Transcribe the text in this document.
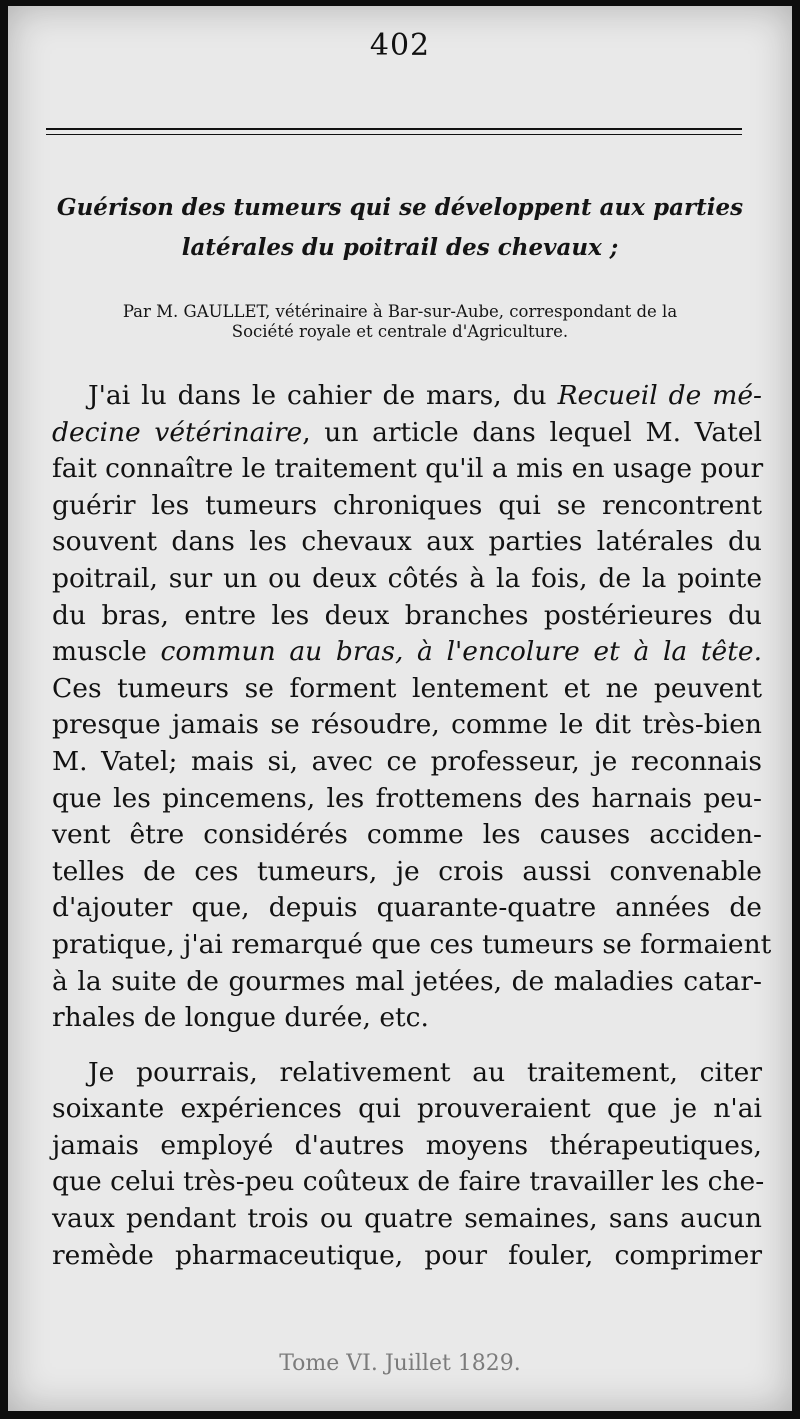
402
Guérison des tumeurs qui se développent aux parties
latérales du poitrail des chevaux ;
Par M. GAULLET, vétérinaire à Bar-sur-Aube, correspondant de la
Société royale et centrale d'Agriculture.

J'ai lu dans le cahier de mars, du Recueil de mé-
decine vétérinaire, un article dans lequel M. Vatel
fait connaître le traitement qu'il a mis en usage pour
guérir les tumeurs chroniques qui se rencontrent
souvent dans les chevaux aux parties latérales du
poitrail, sur un ou deux côtés à la fois, de la pointe
du bras, entre les deux branches postérieures du
muscle commun au bras, à l'encolure et à la tête.
Ces tumeurs se forment lentement et ne peuvent
presque jamais se résoudre, comme le dit très-bien
M. Vatel; mais si, avec ce professeur, je reconnais
que les pincemens, les frottemens des harnais peu-
vent être considérés comme les causes acciden-
telles de ces tumeurs, je crois aussi convenable
d'ajouter que, depuis quarante-quatre années de
pratique, j'ai remarqué que ces tumeurs se formaient
à la suite de gourmes mal jetées, de maladies catar-
rhales de longue durée, etc.

Je pourrais, relativement au traitement, citer
soixante expériences qui prouveraient que je n'ai
jamais employé d'autres moyens thérapeutiques,
que celui très-peu coûteux de faire travailler les che-
vaux pendant trois ou quatre semaines, sans aucun
remède pharmaceutique, pour fouler, comprimer

Tome VI. Juillet 1829.
